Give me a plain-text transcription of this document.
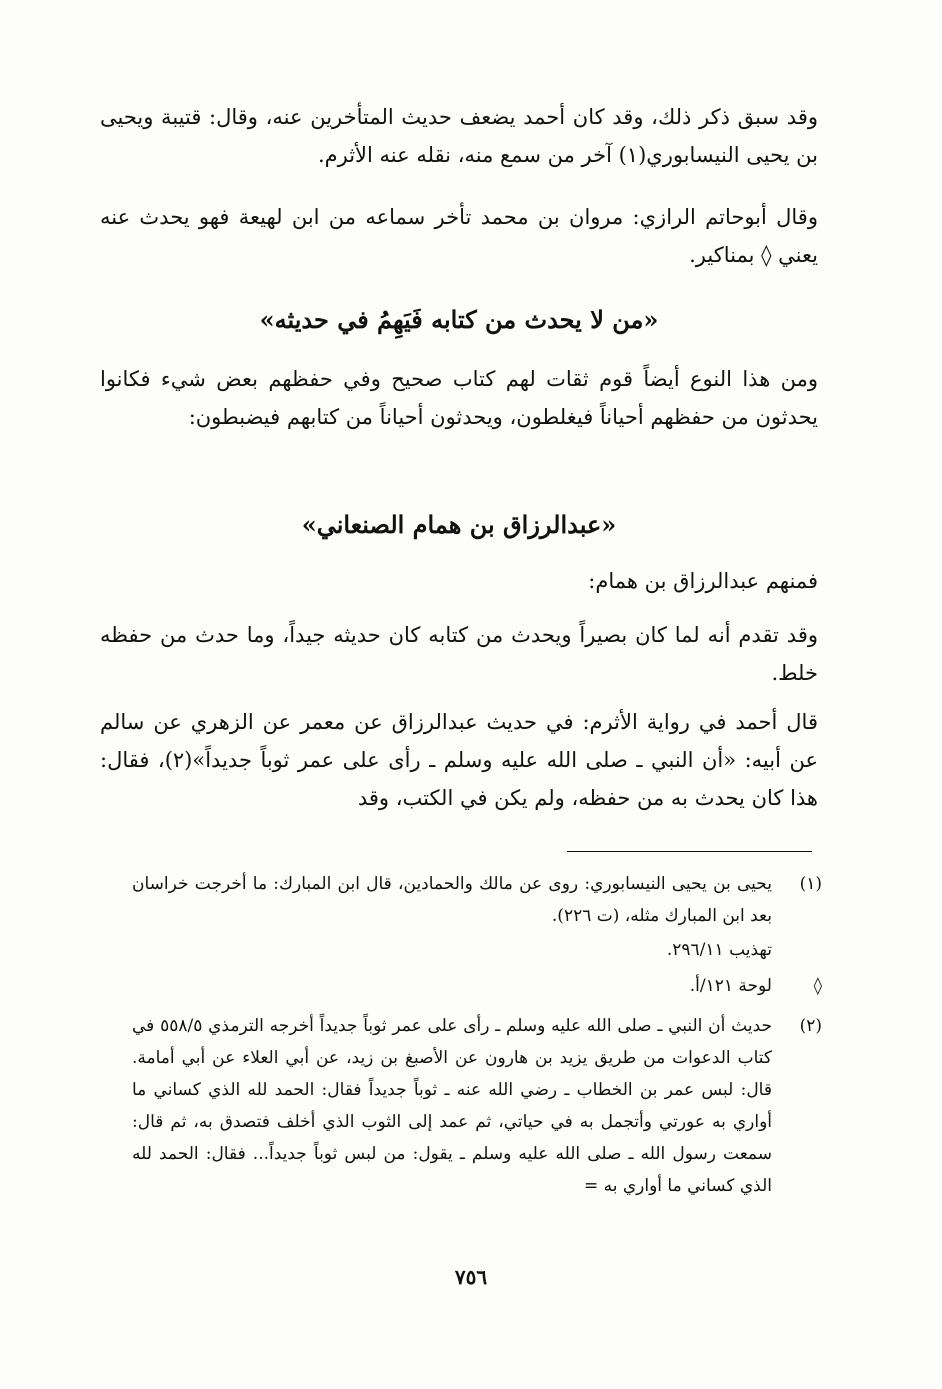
وقد سبق ذكر ذلك، وقد كان أحمد يضعف حديث المتأخرين عنه، وقال: قتيبة ويحيى بن يحيى النيسابوري(١) آخر من سمع منه، نقله عنه الأثرم.

وقال أبوحاتم الرازي: مروان بن محمد تأخر سماعه من ابن لهيعة فهو يحدث عنه يعني ◊ بمناكير.

«من لا يحدث من كتابه فَيَهِمُ في حديثه»

ومن هذا النوع أيضاً قوم ثقات لهم كتاب صحيح وفي حفظهم بعض شيء فكانوا يحدثون من حفظهم أحياناً فيغلطون، ويحدثون أحياناً من كتابهم فيضبطون:

«عبدالرزاق بن همام الصنعاني»

فمنهم عبدالرزاق بن همام:

وقد تقدم أنه لما كان بصيراً ويحدث من كتابه كان حديثه جيداً، وما حدث من حفظه خلط.

قال أحمد في رواية الأثرم: في حديث عبدالرزاق عن معمر عن الزهري عن سالم عن أبيه: «أن النبي ـ صلى الله عليه وسلم ـ رأى على عمر ثوباً جديداً»(٢)، فقال: هذا كان يحدث به من حفظه، ولم يكن في الكتب، وقد

(١)
يحيى بن يحيى النيسابوري: روى عن مالك والحمادين، قال ابن المبارك: ما أخرجت خراسان بعد ابن المبارك مثله، (ت ٢٢٦).
تهذيب ٢٩٦/١١.
◊
لوحة ١٢١/أ.
(٢)
حديث أن النبي ـ صلى الله عليه وسلم ـ رأى على عمر ثوباً جديداً أخرجه الترمذي ٥٥٨/٥ في كتاب الدعوات من طريق يزيد بن هارون عن الأصبغ بن زيد، عن أبي العلاء عن أبي أمامة. قال: لبس عمر بن الخطاب ـ رضي الله عنه ـ ثوباً جديداً فقال: الحمد لله الذي كساني ما أواري به عورتي وأتجمل به في حياتي، ثم عمد إلى الثوب الذي أخلف فتصدق به، ثم قال: سمعت رسول الله ـ صلى الله عليه وسلم ـ يقول: من لبس ثوباً جديداً... فقال: الحمد لله الذي كساني ما أواري به =
٧٥٦
